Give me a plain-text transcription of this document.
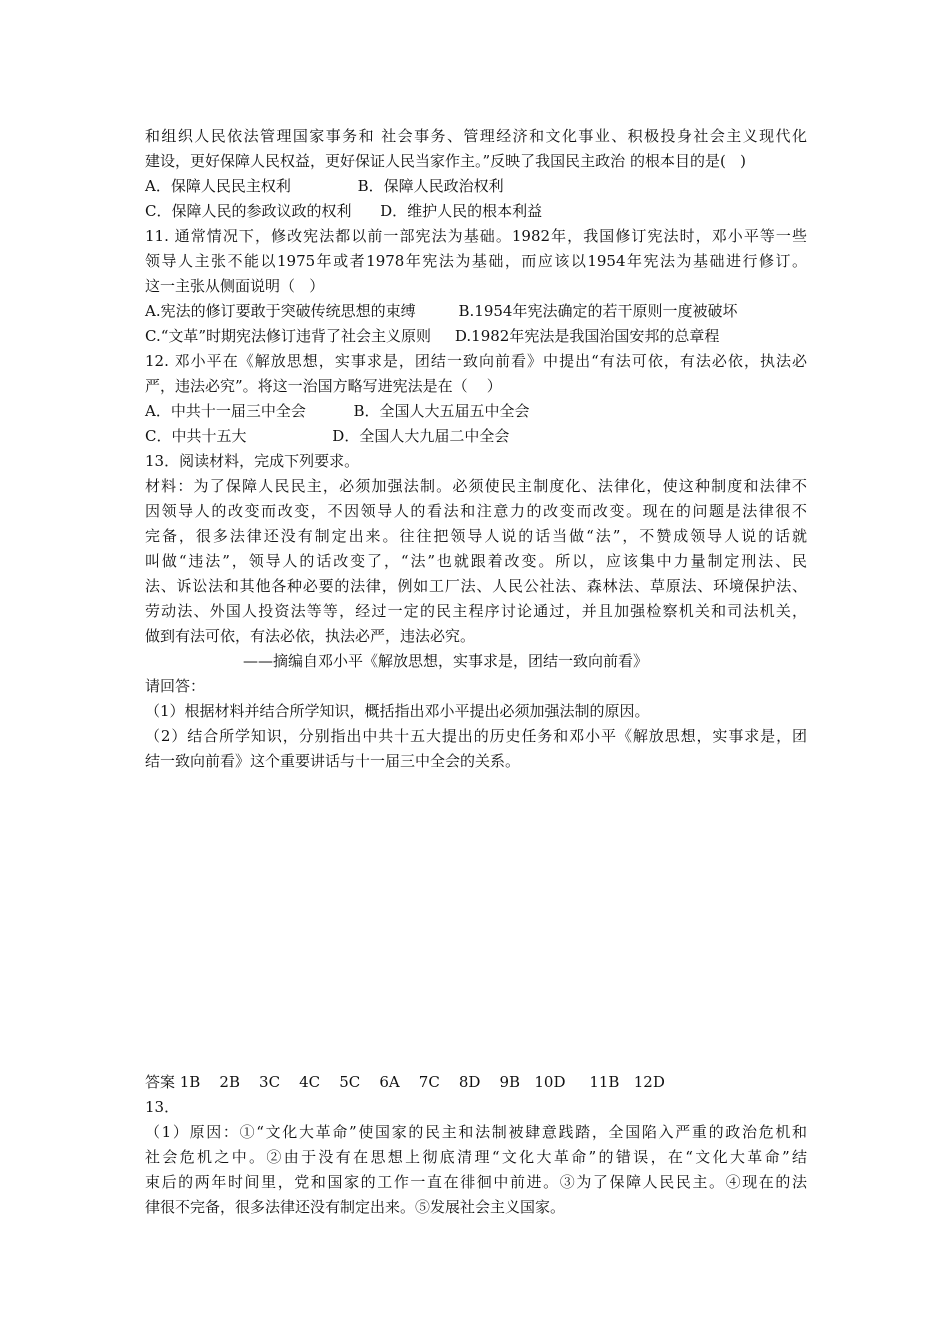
和组织人民依法管理国家事务和 社会事务、管理经济和文化事业、积极投身社会主义现代化
建设，更好保障人民权益，更好保证人民当家作主。”反映了我国民主政治 的根本目的是(   )
A．保障人民民主权利              B．保障人民政治权利
C．保障人民的参政议政的权利      D．维护人民的根本利益
11. 通常情况下，修改宪法都以前一部宪法为基础。1982年，我国修订宪法时，邓小平等一些
领导人主张不能以1975年或者1978年宪法为基础，而应该以1954年宪法为基础进行修订。
这一主张从侧面说明（   ）
A.宪法的修订要敢于突破传统思想的束缚         B.1954年宪法确定的若干原则一度被破坏
C.“文革”时期宪法修订违背了社会主义原则     D.1982年宪法是我国治国安邦的总章程
12. 邓小平在《解放思想，实事求是，团结一致向前看》中提出“有法可依，有法必依，执法必
严，违法必究”。将这一治国方略写进宪法是在（    ）
A．中共十一届三中全会          B．全国人大五届五中全会
C．中共十五大                  D．全国人大九届二中全会
13．阅读材料，完成下列要求。
材料：为了保障人民民主，必须加强法制。必须使民主制度化、法律化，使这种制度和法律不
因领导人的改变而改变，不因领导人的看法和注意力的改变而改变。现在的问题是法律很不
完备，很多法律还没有制定出来。往往把领导人说的话当做“法”，不赞成领导人说的话就
叫做“违法”，领导人的话改变了，“法”也就跟着改变。所以，应该集中力量制定刑法、民
法、诉讼法和其他各种必要的法律，例如工厂法、人民公社法、森林法、草原法、环境保护法、
劳动法、外国人投资法等等，经过一定的民主程序讨论通过，并且加强检察机关和司法机关，
做到有法可依，有法必依，执法必严，违法必究。
——摘编自邓小平《解放思想，实事求是，团结一致向前看》
请回答：
（1）根据材料并结合所学知识，概括指出邓小平提出必须加强法制的原因。
（2）结合所学知识，分别指出中共十五大提出的历史任务和邓小平《解放思想，实事求是，团
结一致向前看》这个重要讲话与十一届三中全会的关系。
答案 1B    2B    3C    4C    5C    6A    7C    8D    9B   10D     11B   12D
13．
（1）原因：①“文化大革命”使国家的民主和法制被肆意践踏，全国陷入严重的政治危机和
社会危机之中。②由于没有在思想上彻底清理“文化大革命”的错误，在“文化大革命”结
束后的两年时间里，党和国家的工作一直在徘徊中前进。③为了保障人民民主。④现在的法
律很不完备，很多法律还没有制定出来。⑤发展社会主义国家。
